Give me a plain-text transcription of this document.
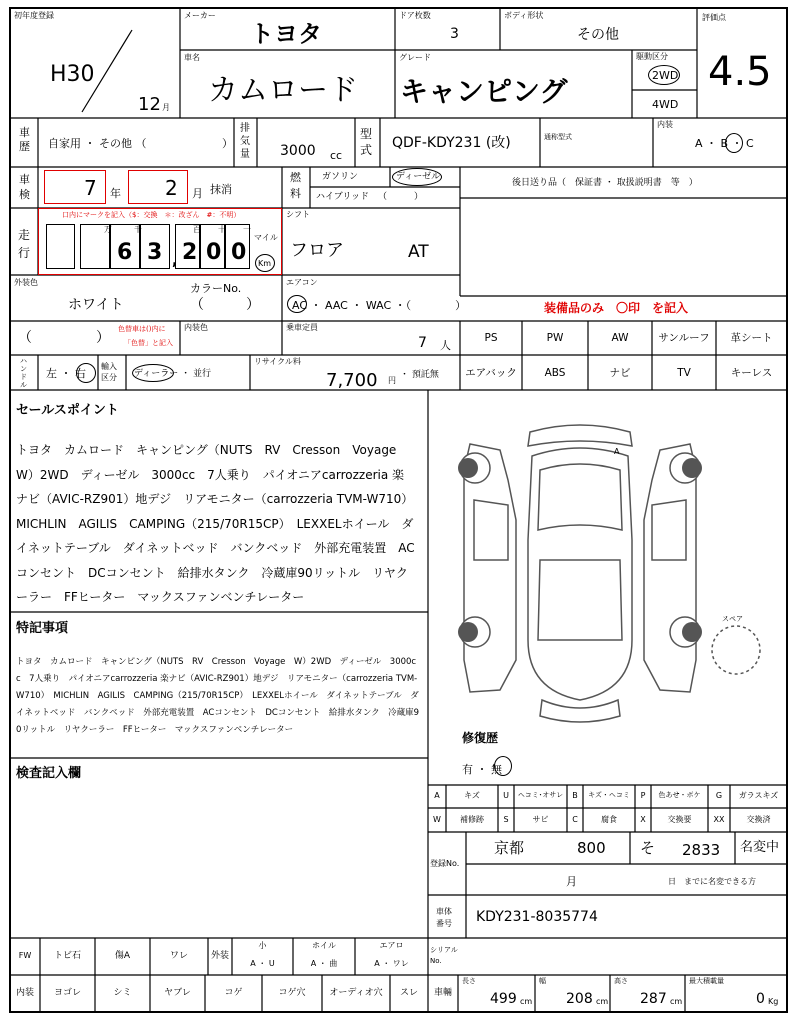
初年度登録
H30
12 月
メーカー
トヨタ
ドア枚数
3
ボディ形状
その他
評価点
4.5
車名
カムロード
グレード
キャンピング
駆動区分
2WD
4WD
車歴 自家用 ・ その他 （	）
排気量 3000 cc
型式 QDF-KDY231 (改)	通称型式
内装
A ・ B ・ C
車検	7 年 2 月 抹消
燃料
ガソリン	ディーゼル
ハイブリッド （　　　）
後日送り品（　保証書 ・ 取扱説明書　等　）
走行
口内にマークを記入（$：交換　＊：改ざん　#：不明）
万	千	百 十 一
6 3 2 0 0
,
マイル
Km
シフト
フロア	AT
外装色
ホワイト
カラーNo.
（　　　）
エアコン
AC ・ AAC ・ WAC ・（　　　　）	装備品のみ　〇印　を記入
（	）
色替車は()内に
「色替」と記入
内装色	乗車定員
7 人
PS	PW	AW	サンルーフ	革シート
エアバック	ABS	ナビ	TV	キーレス
ハンドル
左 ・ 右
輸入区分	ディーラー ・ 並行
リサイクル料
7,700 円
・ 預託無
セールスポイント
トヨタ　カムロード　キャンピング（NUTS　RV　Cresson　Voyage　W）2WD　ディーゼル　3000cc　7人乗り　パイオニアcarrozzeria 楽ナビ（AVIC-RZ901）地デジ　リアモニター（carrozzeria TVM-W710）　MICHLIN　AGILIS　CAMPING（215/70R15CP）　LEXXELホイール　ダイネットテーブル　ダイネットベッド　バンクベッド　外部充電装置　ACコンセント　DCコンセント　給排水タンク　冷蔵庫90リットル　リヤクーラー　FFヒーター　マックスファンベンチレーター
特記事項
トヨタ　カムロード　キャンピング（NUTS　RV　Cresson　Voyage　W）2WD　ディーゼル　3000cc　7人乗り　パイオニアcarrozzeria 楽ナビ（AVIC-RZ901）地デジ　リアモニター（carrozzeria TVM-W710）　MICHLIN　AGILIS　CAMPING（215/70R15CP）　LEXXELホイール　ダイネットテーブル　ダイネットベッド　バンクベッド　外部充電装置　ACコンセント　DCコンセント　給排水タンク　冷蔵庫90リットル　リヤクーラー　FFヒーター　マックスファンベンチレーター
検査記入欄
A
スペア
修復歴
有 ・ 無
A	キズ	U	ヘコミ･オサレ	B	キズ・ヘコミ	P	色あせ・ボケ	G	ガラスキズ
W	補修跡	S	サビ	C	腐食	X	交換要	XX	交換済
登録No.
京都	800 そ 2833 名変中
月	日　までに名変できる方
車体番号	KDY231-8035774
FW	トビ石	傷A	ワレ	外装
小
A ・ U
ホイル
A ・ 曲
エアロ
A ・ ワレ
シリアルNo.
内装	ヨゴレ	シミ	ヤブレ	コゲ	コゲ穴	オーディオ穴	スレ	車輛
長さ
499 cm
幅
208 cm
高さ
287 cm
最大積載量
0 Kg
